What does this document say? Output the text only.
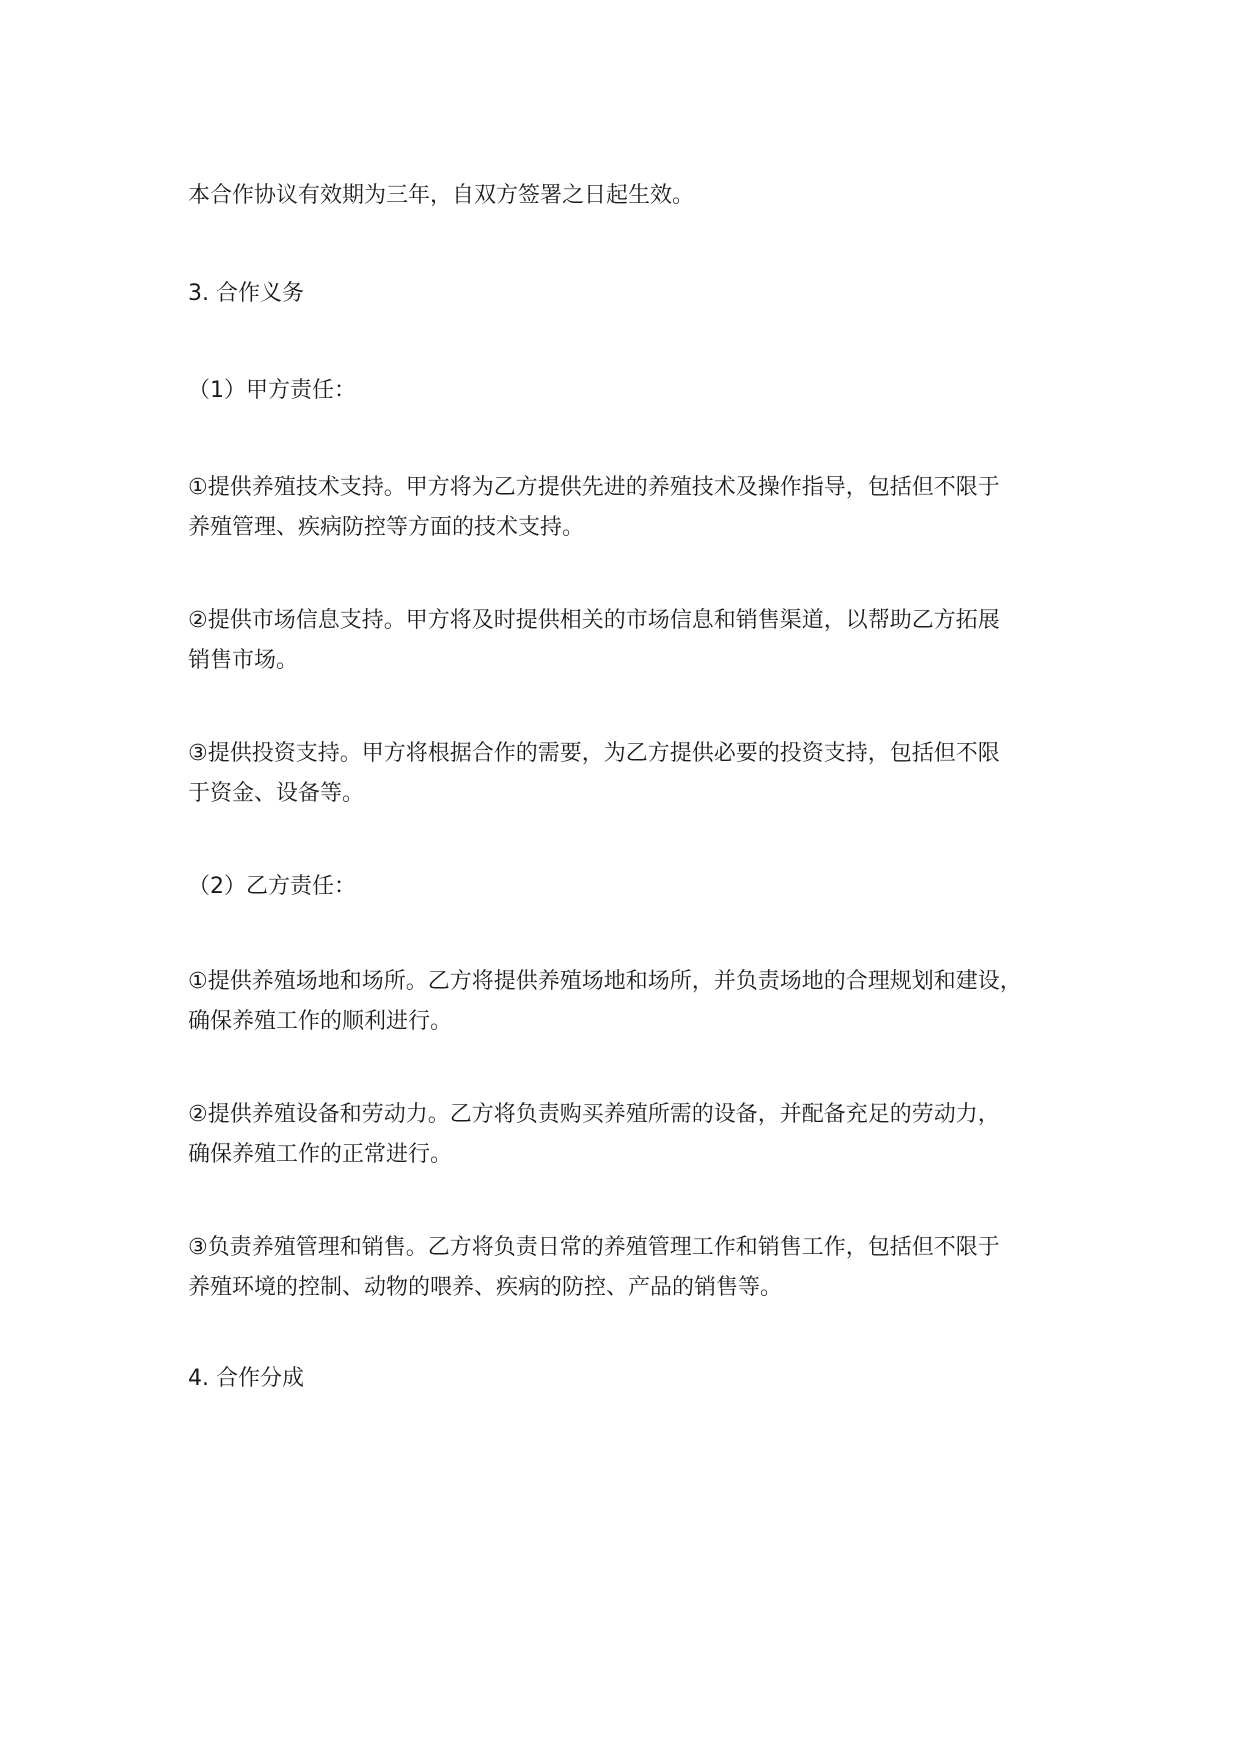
本合作协议有效期为三年，自双方签署之日起生效。
3. 合作义务
（1）甲方责任：
①提供养殖技术支持。甲方将为乙方提供先进的养殖技术及操作指导，包括但不限于
养殖管理、疾病防控等方面的技术支持。
②提供市场信息支持。甲方将及时提供相关的市场信息和销售渠道，以帮助乙方拓展
销售市场。
③提供投资支持。甲方将根据合作的需要，为乙方提供必要的投资支持，包括但不限
于资金、设备等。
（2）乙方责任：
①提供养殖场地和场所。乙方将提供养殖场地和场所，并负责场地的合理规划和建设，
确保养殖工作的顺利进行。
②提供养殖设备和劳动力。乙方将负责购买养殖所需的设备，并配备充足的劳动力，
确保养殖工作的正常进行。
③负责养殖管理和销售。乙方将负责日常的养殖管理工作和销售工作，包括但不限于
养殖环境的控制、动物的喂养、疾病的防控、产品的销售等。
4. 合作分成
